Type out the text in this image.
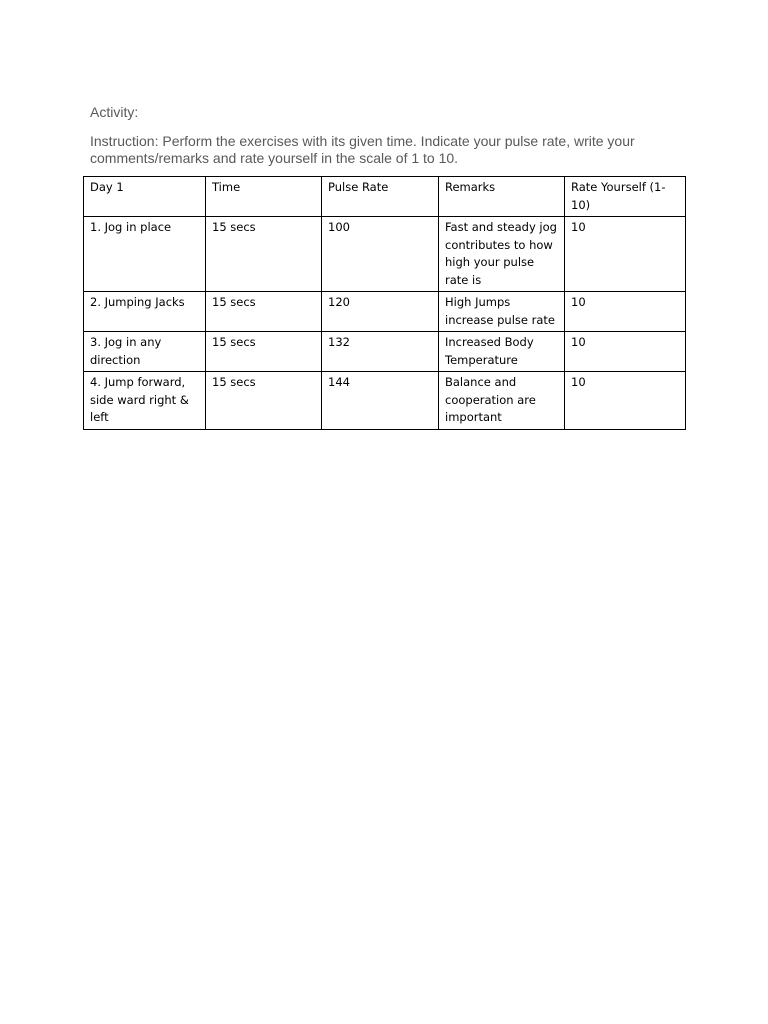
Activity:
Instruction: Perform the exercises with its given time. Indicate your pulse rate, write your comments/remarks and rate yourself in the scale of 1 to 10.
Day 1	Time	Pulse Rate	Remarks	Rate Yourself (1-10)
1. Jog in place	15 secs	100	Fast and steady jog contributes to how high your pulse rate is	10
2. Jumping Jacks	15 secs	120	High Jumps increase pulse rate	10
3. Jog in any direction	15 secs	132	Increased Body Temperature	10
4. Jump forward, side ward right & left	15 secs	144	Balance and cooperation are important	10
